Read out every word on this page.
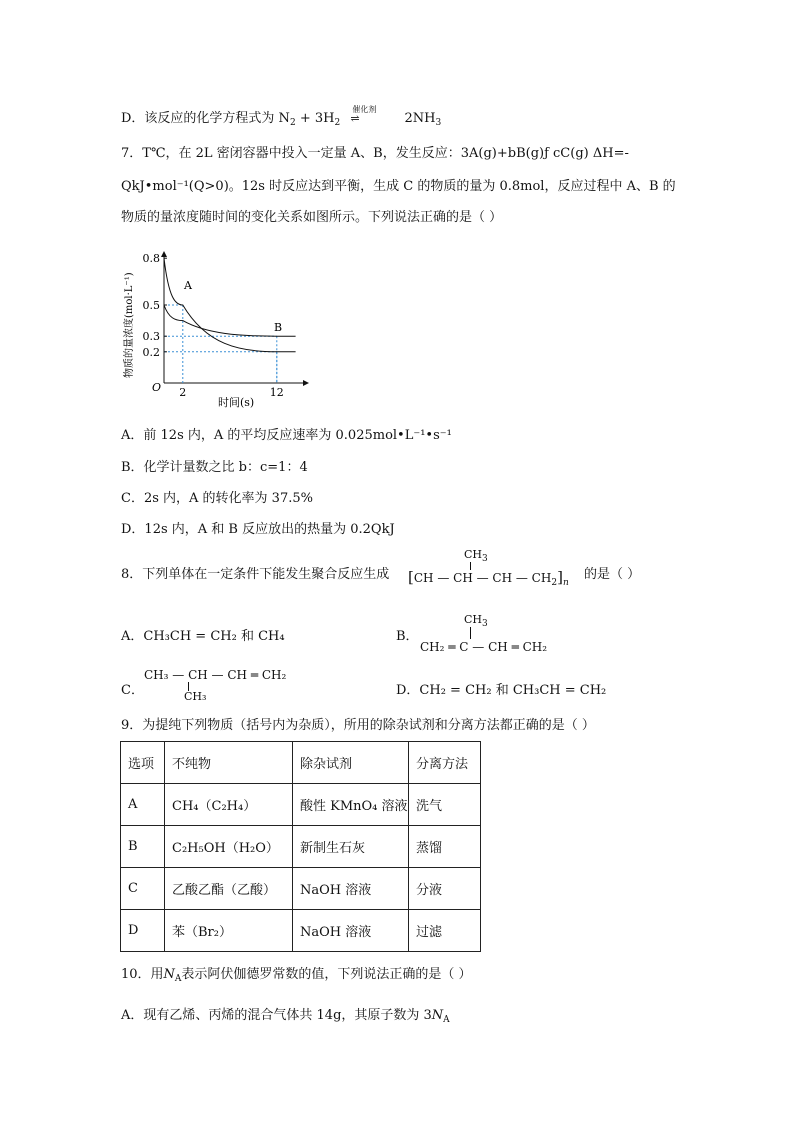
D．该反应的化学方程式为 $N_2 + 3H_2$
催化剂
⇌	$2NH_3$
7．T℃，在 2L 密闭容器中投入一定量 A、B，发生反应：3A(g)+bB(g)ƒ cC(g) ΔH=-
QkJ•mol⁻¹(Q>0)。12s 时反应达到平衡，生成 C 的物质的量为 0.8mol，反应过程中 A、B 的
物质的量浓度随时间的变化关系如图所示。下列说法正确的是（ ）
0.8
0.5
0.3
0.2
2	12
A
B
O
时间(s)
物质的量浓度(mol·L⁻¹)
A．前 12s 内，A 的平均反应速率为 0.025mol•L⁻¹•s⁻¹
B．化学计量数之比 b：c=1：4
C．2s 内，A 的转化率为 37.5%
D．12s 内，A 和 B 反应放出的热量为 0.2QkJ
8．下列单体在一定条件下能发生聚合反应生成
$CH_3$
[CH — CH — CH — $CH_2]_n$
的是（ ）
A．CH₃CH = CH₂ 和 CH₄	B．
$CH_3$
CH₂ ═ C — CH ═ CH₂
C．
CH₃ — CH — CH ═ CH₂
CH₃	D．CH₂ = CH₂ 和 CH₃CH = CH₂
9．为提纯下列物质（括号内为杂质），所用的除杂试剂和分离方法都正确的是（ ）
选项	不纯物	除杂试剂	分离方法
A	CH₄（C₂H₄）	酸性 KMnO₄ 溶液	洗气
B	C₂H₅OH（H₂O）	新制生石灰	蒸馏
C	乙酸乙酯（乙酸）	NaOH 溶液	分液
D	苯（Br₂）	NaOH 溶液	过滤
10．用$N_A$表示阿伏伽德罗常数的值，下列说法正确的是（ ）
A．现有乙烯、丙烯的混合气体共 14g，其原子数为 $3N_A$
